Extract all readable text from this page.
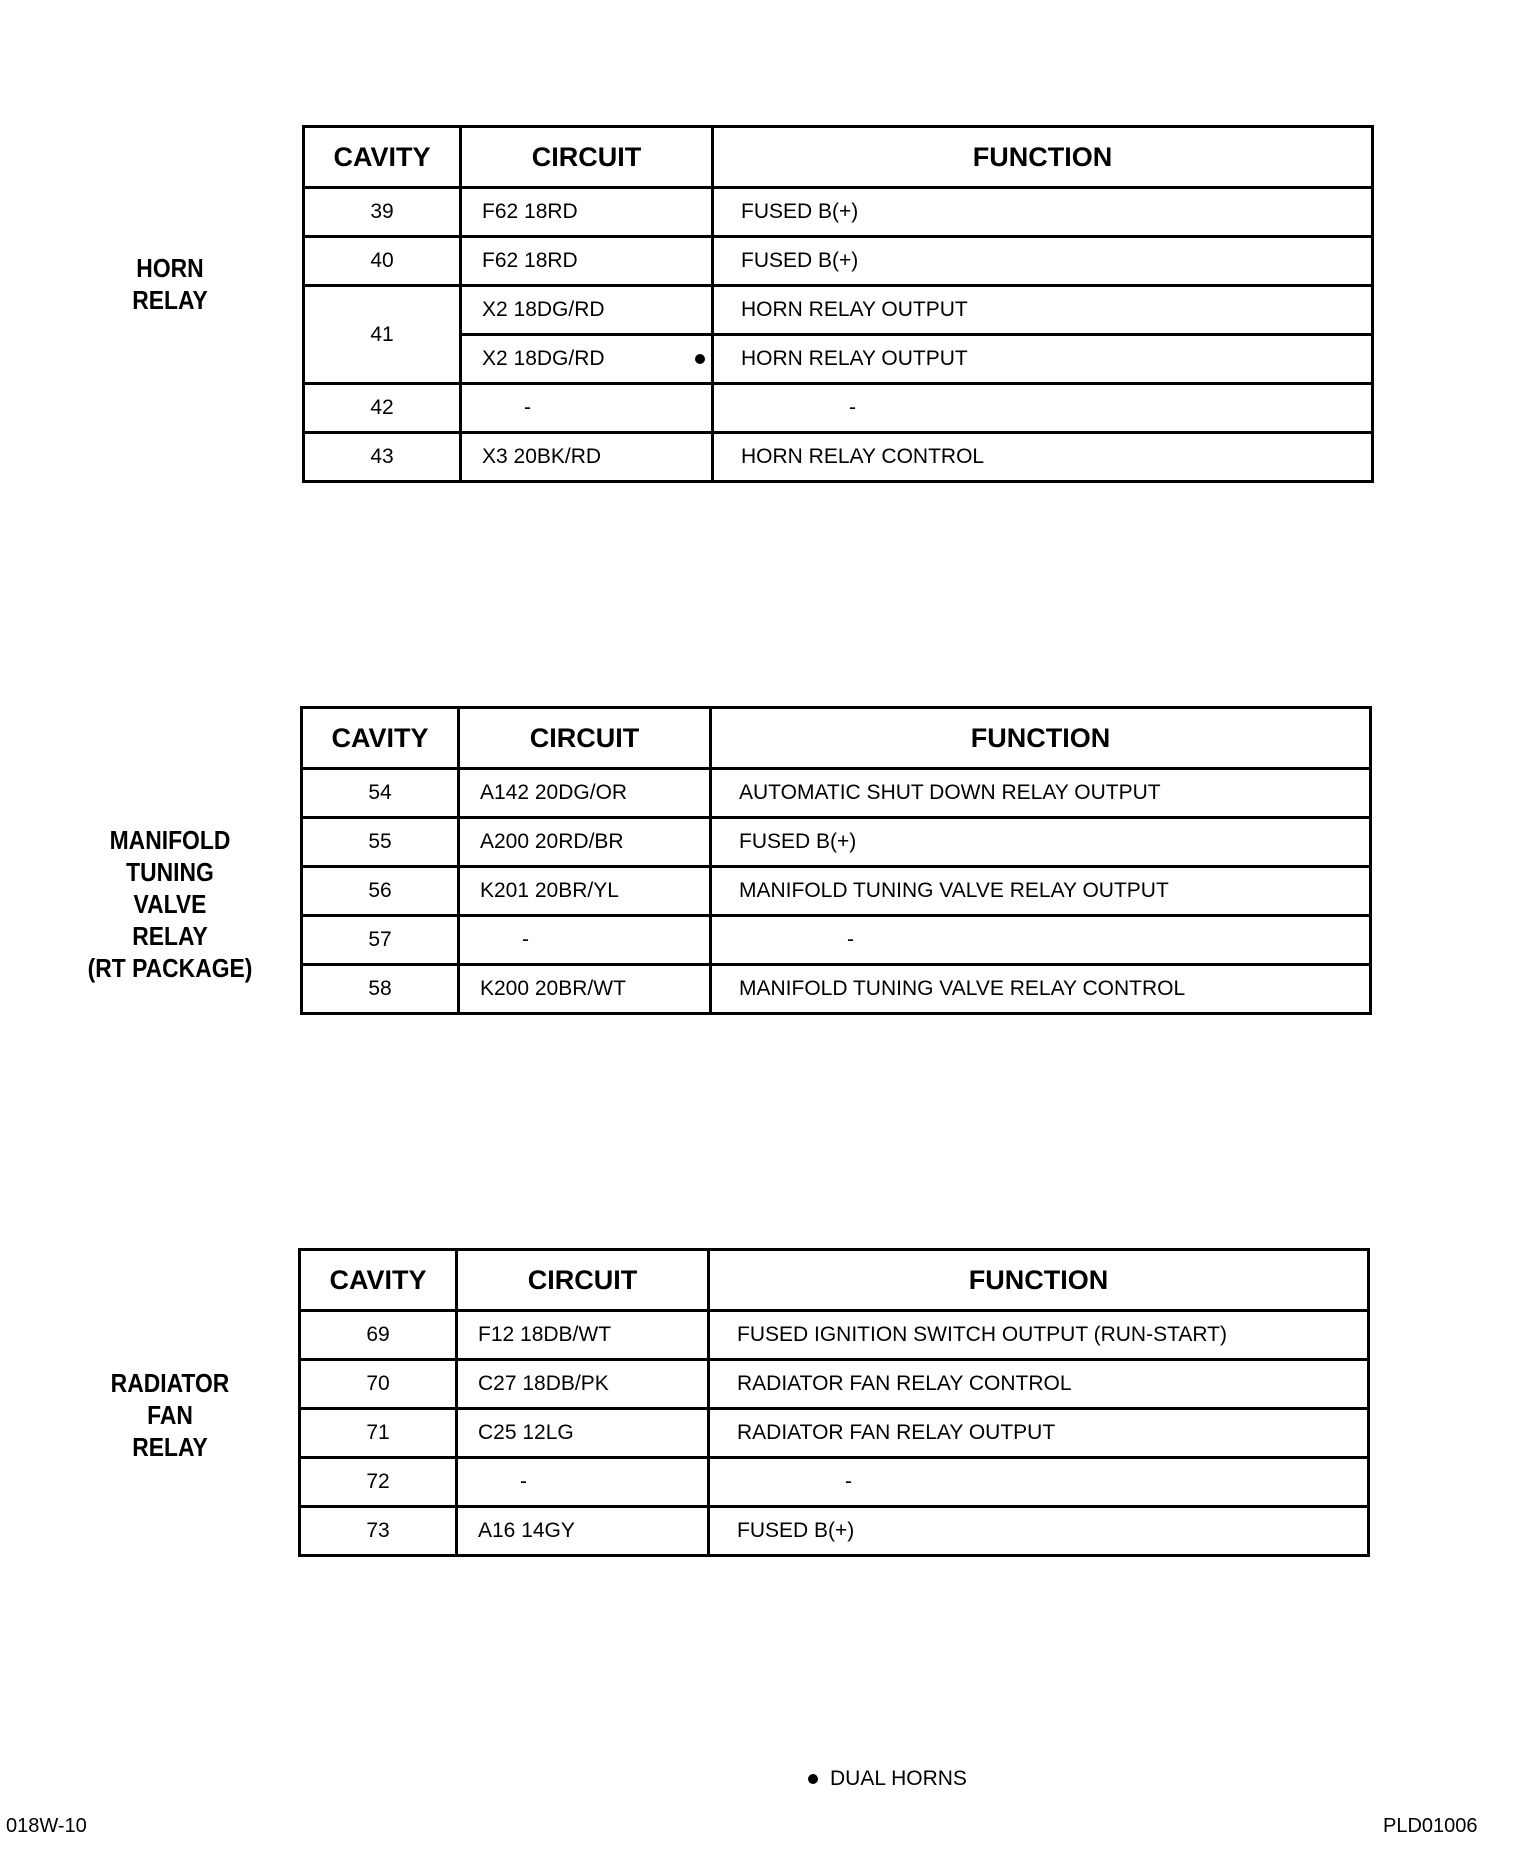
HORN
RELAY
CAVITY	CIRCUIT	FUNCTION
39	F62 18RD	FUSED B(+)
40	F62 18RD	FUSED B(+)
41	X2 18DG/RD	HORN RELAY OUTPUT
	X2 18DG/RD	HORN RELAY OUTPUT
42	-	-
43	X3 20BK/RD	HORN RELAY CONTROL
MANIFOLD
TUNING
VALVE
RELAY
(RT PACKAGE)
CAVITY	CIRCUIT	FUNCTION
54	A142 20DG/OR	AUTOMATIC SHUT DOWN RELAY OUTPUT
55	A200 20RD/BR	FUSED B(+)
56	K201 20BR/YL	MANIFOLD TUNING VALVE RELAY OUTPUT
57	-	-
58	K200 20BR/WT	MANIFOLD TUNING VALVE RELAY CONTROL
RADIATOR
FAN
RELAY
CAVITY	CIRCUIT	FUNCTION
69	F12 18DB/WT	FUSED IGNITION SWITCH OUTPUT (RUN-START)
70	C27 18DB/PK	RADIATOR FAN RELAY CONTROL
71	C25 12LG	RADIATOR FAN RELAY OUTPUT
72	-	-
73	A16 14GY	FUSED B(+)
DUAL HORNS
018W-10	PLD01006
